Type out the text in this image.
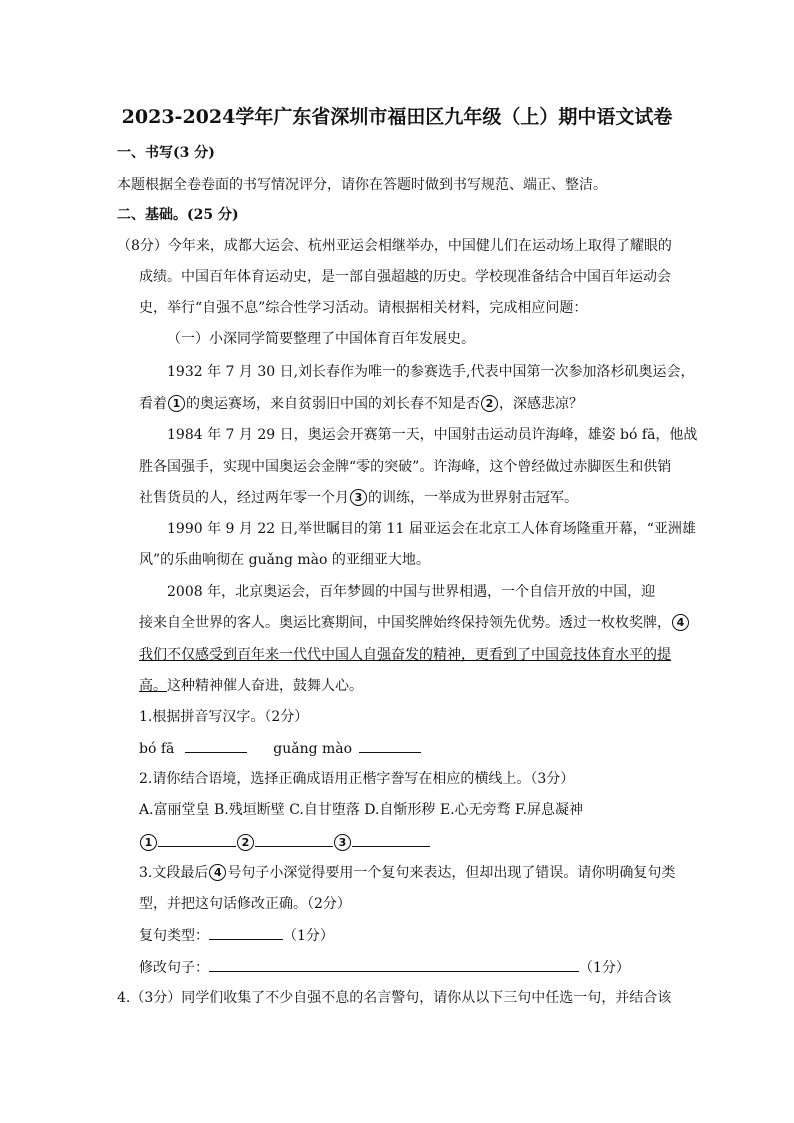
2023-2024学年广东省深圳市福田区九年级（上）期中语文试卷
一、书写(3 分)
本题根据全卷卷面的书写情况评分，请你在答题时做到书写规范、端正、整洁。
二、基础。(25 分)
（8分）今年来，成都大运会、杭州亚运会相继举办，中国健儿们在运动场上取得了耀眼的
成绩。中国百年体育运动史，是一部自强超越的历史。学校现准备结合中国百年运动会
史，举行“自强不息”综合性学习活动。请根据相关材料，完成相应问题：
（一）小深同学简要整理了中国体育百年发展史。
1932 年 7 月 30 日,刘长春作为唯一的参赛选手,代表中国第一次参加洛杉矶奥运会，
看着 1 的奥运赛场，来自贫弱旧中国的刘长春不知是否 2 ，深感悲凉？
1984 年 7 月 29 日，奥运会开赛第一天，中国射击运动员许海峰，雄姿 bó fā，他战
胜各国强手，实现中国奥运会金牌“零的突破”。许海峰，这个曾经做过赤脚医生和供销
社售货员的人，经过两年零一个月 3 的训练，一举成为世界射击冠军。
1990 年 9 月 22 日,举世瞩目的第 11 届亚运会在北京工人体育场隆重开幕，“亚洲雄
风”的乐曲响彻在 guǎng mào 的亚细亚大地。
2008 年，北京奥运会，百年梦圆的中国与世界相遇，一个自信开放的中国，迎
接来自全世界的客人。奥运比赛期间，中国奖牌始终保持领先优势。透过一枚枚奖牌， 4
我们不仅感受到百年来一代代中国人自强奋发的精神，更看到了中国竞技体育水平的提
高。这种精神催人奋进，鼓舞人心。
1.根据拼音写汉字。（2分）
bó fā	guǎng mào
2.请你结合语境，选择正确成语用正楷字誊写在相应的横线上。（3分）
A.富丽堂皇 B.残垣断壁 C.自甘堕落 D.自惭形秽 E.心无旁骛 F.屏息凝神
1	2	3
3.文段最后 4 号句子小深觉得要用一个复句来表达，但却出现了错误。请你明确复句类
型，并把这句话修改正确。（2分）
复句类型：	（1分）
修改句子：	（1分）
4.（3分）同学们收集了不少自强不息的名言警句，请你从以下三句中任选一句，并结合该
